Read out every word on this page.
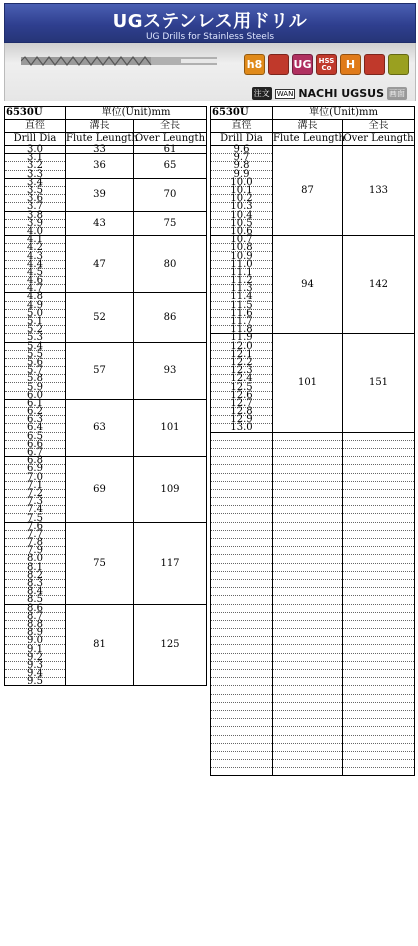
UGステンレス用ドリル
UG Drills for Stainless Steels
h8	UG	HSS Co	H
注文 WAN NACHI UGSUS 画面
6530U	單位(Unit)mm	
直徑	溝長	全長
Drill Dia	Flute Leungth	Over Leungth
3.0	33	61
3.1	36	65
3.2		
3.3		
3.4	39	70
3.5		
3.6		
3.7		
3.8	43	75
3.9		
4.0		
4.1	47	80
4.2		
4.3		
4.4		
4.5		
4.6		
4.7		
4.8	52	86
4.9		
5.0		
5.1		
5.2		
5.3		
5.4	57	93
5.5		
5.6		
5.7		
5.8		
5.9		
6.0		
6.1	63	101
6.2		
6.3		
6.4		
6.5		
6.6		
6.7		
6.8	69	109
6.9		
7.0		
7.1		
7.2		
7.3		
7.4		
7.5		
7.6	75	117
7.7		
7.8		
7.9		
8.0		
8.1		
8.2		
8.3		
8.4		
8.5		
8.6	81	125
8.7		
8.8		
8.9		
9.0		
9.1		
9.2		
9.3		
9.4		
9.5		
6530U	單位(Unit)mm	
直徑	溝長	全長
Drill Dia	Flute Leungth	Over Leungth
9.6	87	133
9.7		
9.8		
9.9		
10.0		
10.1		
10.2		
10.3		
10.4		
10.5		
10.6		
10.7	94	142
10.8		
10.9		
11.0		
11.1		
11.2		
11.3		
11.4		
11.5		
11.6		
11.7		
11.8		
11.9	101	151
12.0		
12.1		
12.2		
12.3		
12.4		
12.5		
12.6		
12.7		
12.8		
12.9		
13.0		
